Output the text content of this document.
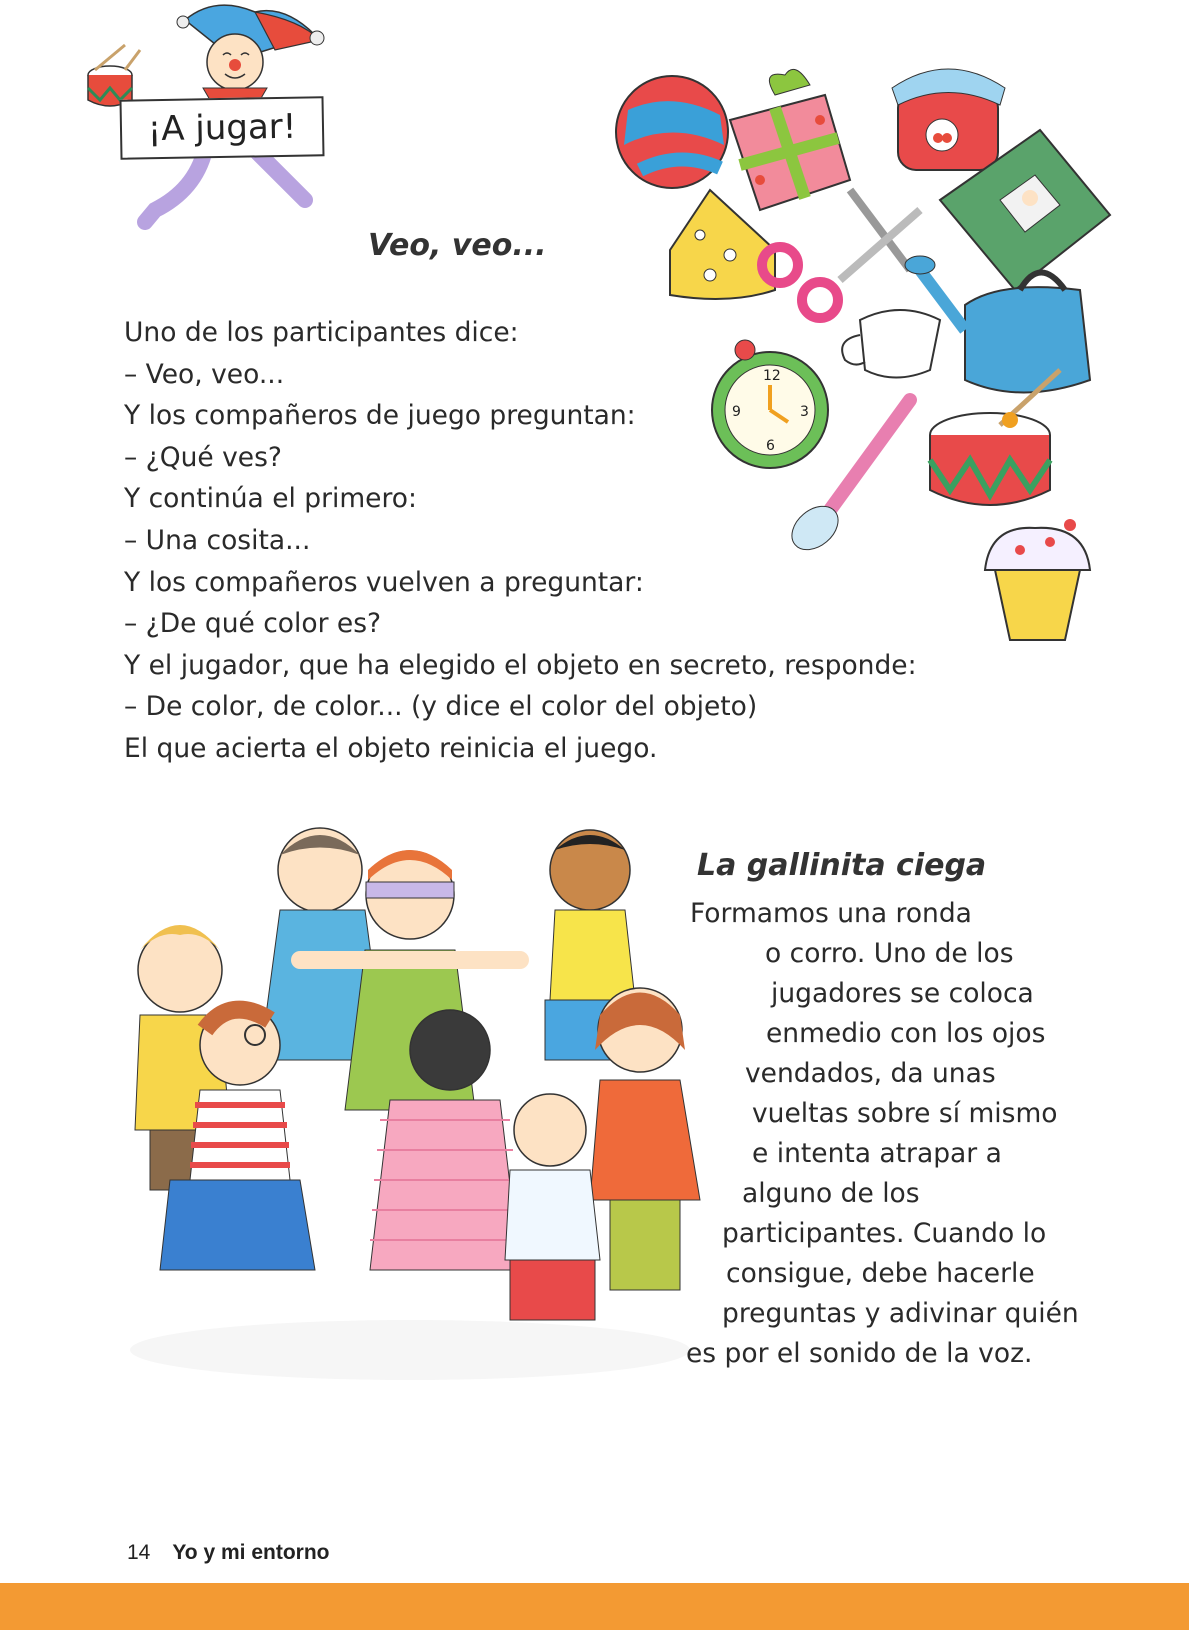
¡A jugar!
Veo, veo...
Uno de los participantes dice:
– Veo, veo...
Y los compañeros de juego preguntan:
– ¿Qué ves?
Y continúa el primero:
– Una cosita...
Y los compañeros vuelven a preguntar:
– ¿De qué color es?
Y el jugador, que ha elegido el objeto en secreto, responde:
– De color, de color... (y dice el color del objeto)
El que acierta el objeto reinicia el juego.
12
3
6
9
La gallinita ciega
Formamos una ronda
o corro. Uno de los
jugadores se coloca
enmedio con los ojos
vendados, da unas
vueltas sobre sí mismo
e intenta atrapar a
alguno de los
participantes. Cuando lo
consigue, debe hacerle
preguntas y adivinar quién
es por el sonido de la voz.
14 Yo y mi entorno
